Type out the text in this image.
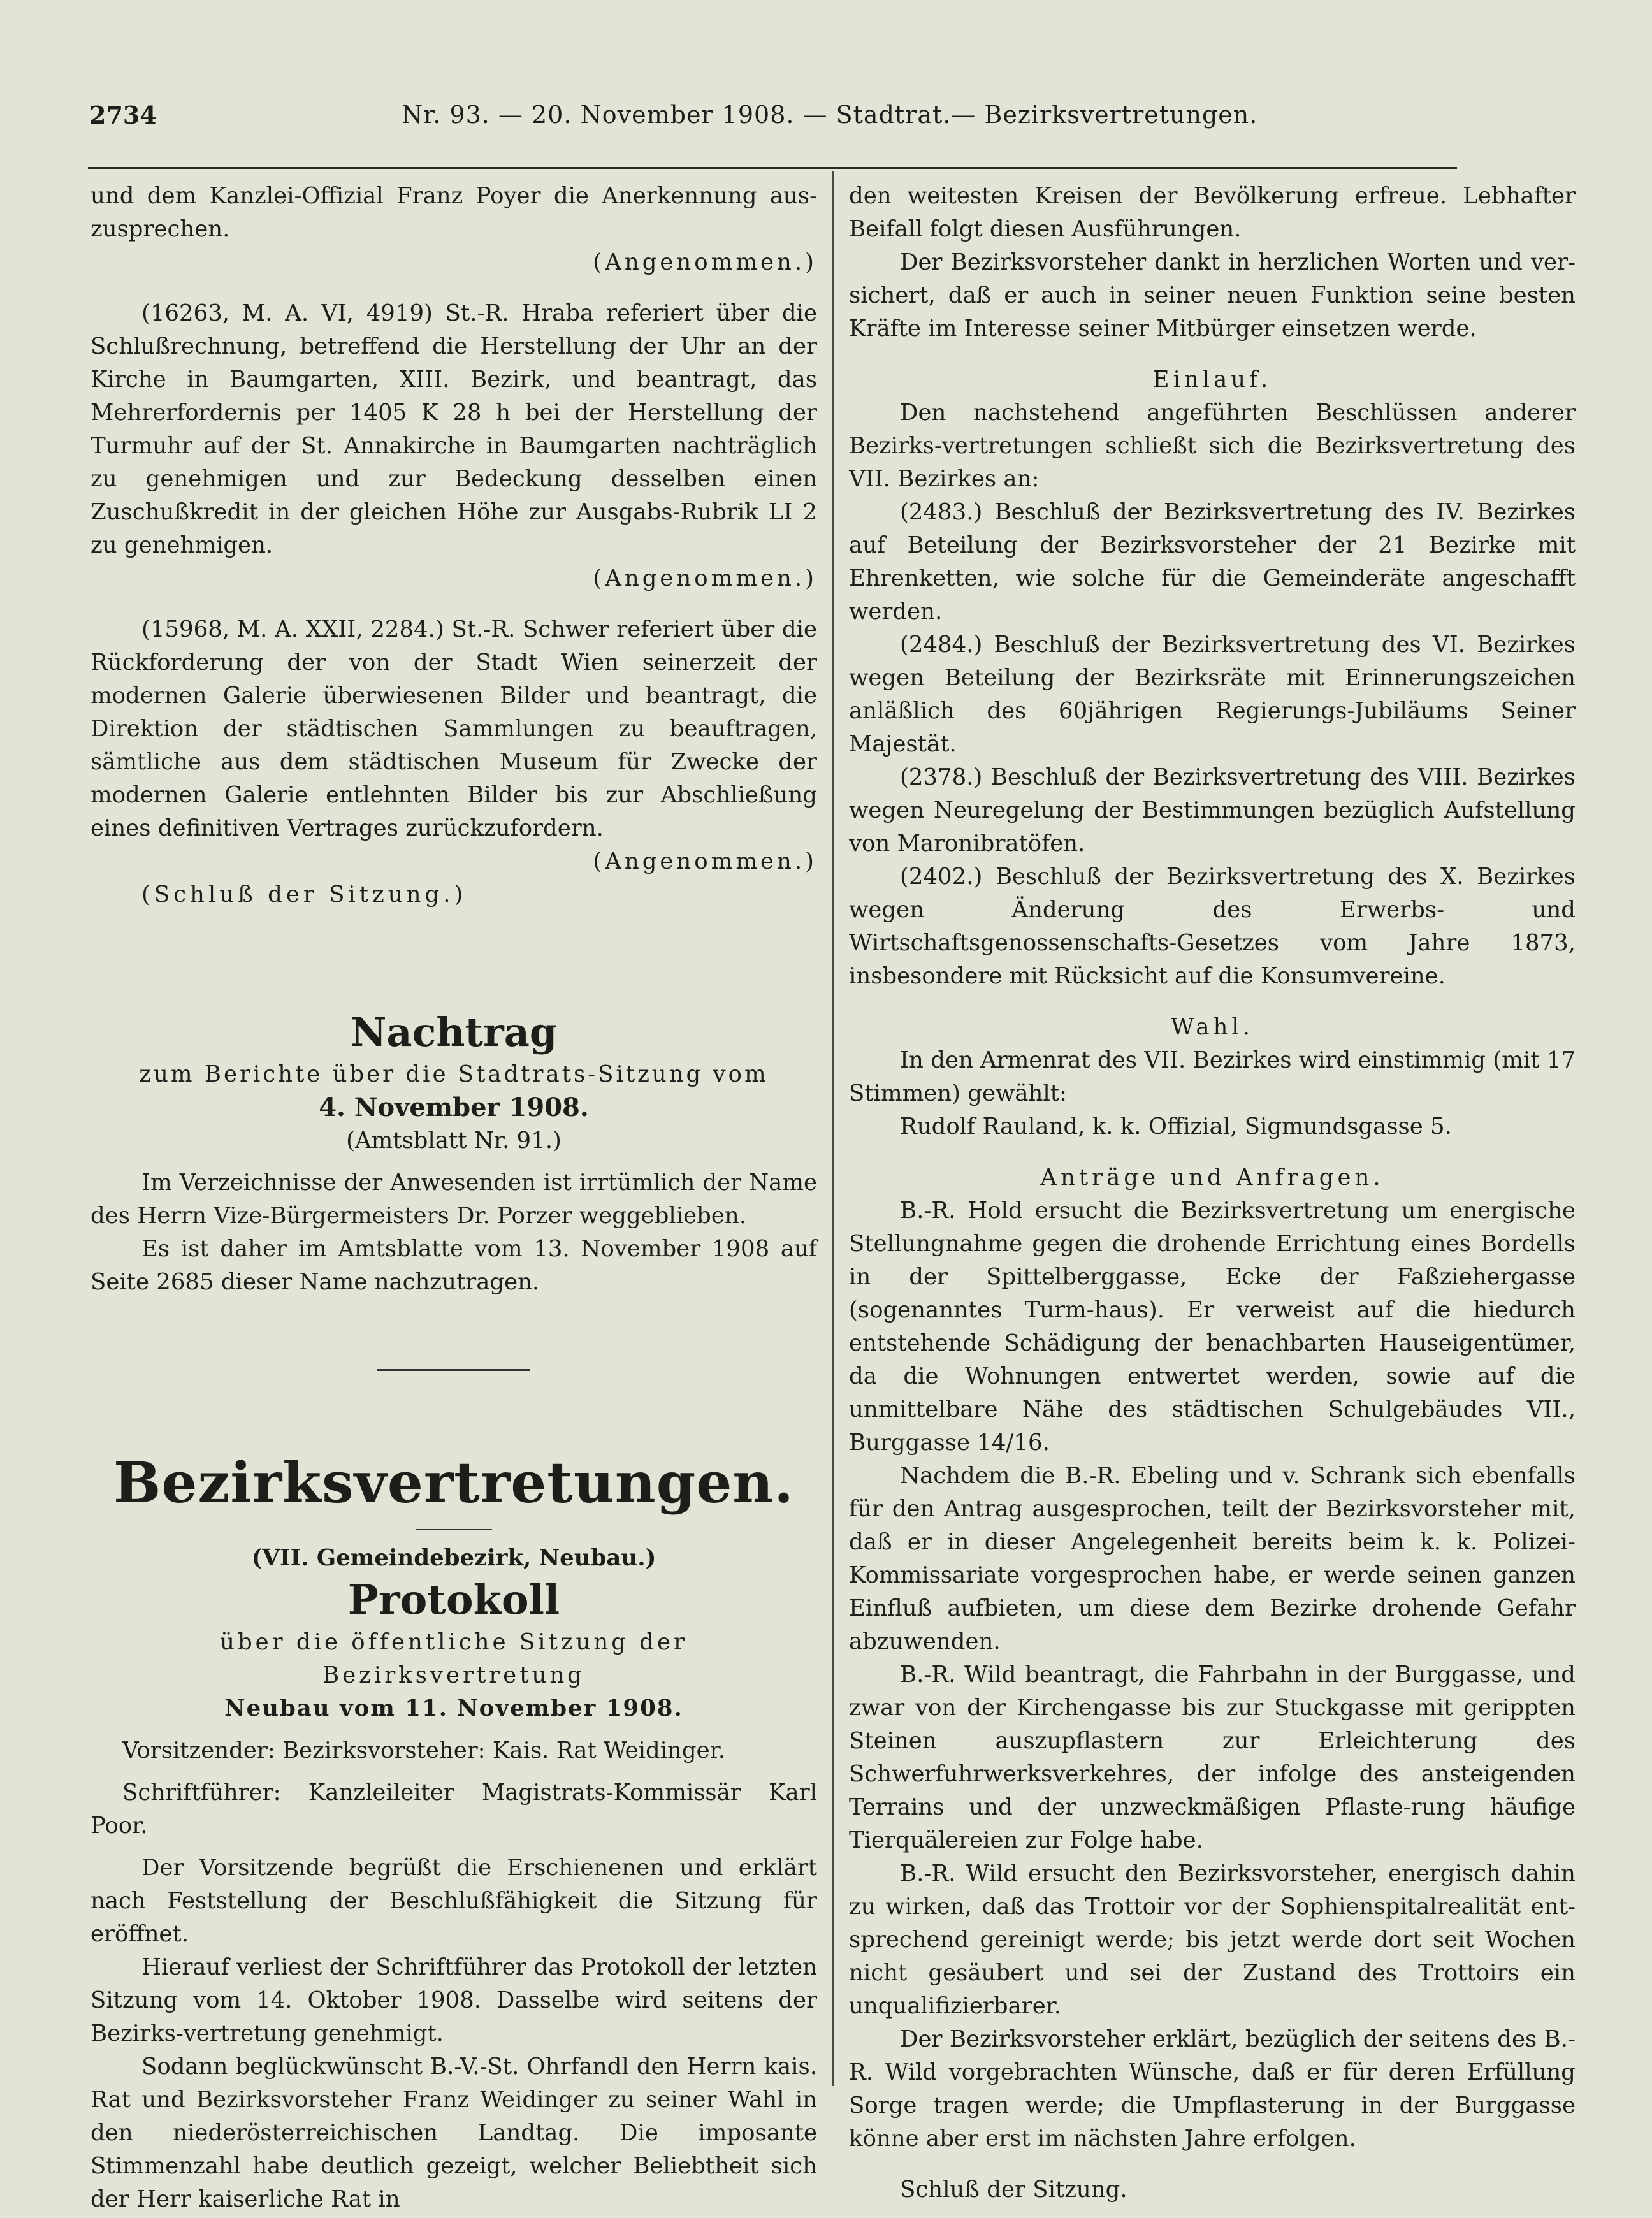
2734	Nr. 93. — 20. November 1908. — Stadtrat.— Bezirksvertretungen.

und dem Kanzlei-Offizial Franz Poyer die Anerkennung aus-zusprechen.

(Angenommen.)

(16263, M. A. VI, 4919) St.-R. Hraba referiert über die Schlußrechnung, betreffend die Herstellung der Uhr an der Kirche in Baumgarten, XIII. Bezirk, und beantragt, das Mehrerfordernis per 1405 K 28 h bei der Herstellung der Turmuhr auf der St. Annakirche in Baumgarten nachträglich zu genehmigen und zur Bedeckung desselben einen Zuschußkredit in der gleichen Höhe zur Ausgabs-Rubrik LI 2 zu genehmigen.

(Angenommen.)

(15968, M. A. XXII, 2284.) St.-R. Schwer referiert über die Rückforderung der von der Stadt Wien seinerzeit der modernen Galerie überwiesenen Bilder und beantragt, die Direktion der städtischen Sammlungen zu beauftragen, sämtliche aus dem städtischen Museum für Zwecke der modernen Galerie entlehnten Bilder bis zur Abschließung eines definitiven Vertrages zurückzufordern.

(Angenommen.)

(Schluß der Sitzung.)

Nachtrag

zum Berichte über die Stadtrats-Sitzung vom

4. November 1908.

(Amtsblatt Nr. 91.)

Im Verzeichnisse der Anwesenden ist irrtümlich der Name des Herrn Vize-Bürgermeisters Dr. Porzer weggeblieben.

Es ist daher im Amtsblatte vom 13. November 1908 auf Seite 2685 dieser Name nachzutragen.

Bezirksvertretungen.

(VII. Gemeindebezirk, Neubau.)

Protokoll

über die öffentliche Sitzung der Bezirksvertretung

Neubau vom 11. November 1908.

Vorsitzender: Bezirksvorsteher: Kais. Rat Weidinger.

Schriftführer: Kanzleileiter Magistrats-Kommissär Karl Poor.

Der Vorsitzende begrüßt die Erschienenen und erklärt nach Feststellung der Beschlußfähigkeit die Sitzung für eröffnet.

Hierauf verliest der Schriftführer das Protokoll der letzten Sitzung vom 14. Oktober 1908. Dasselbe wird seitens der Bezirks-vertretung genehmigt.

Sodann beglückwünscht B.-V.-St. Ohrfandl den Herrn kais. Rat und Bezirksvorsteher Franz Weidinger zu seiner Wahl in den niederösterreichischen Landtag. Die imposante Stimmenzahl habe deutlich gezeigt, welcher Beliebtheit sich der Herr kaiserliche Rat in

den weitesten Kreisen der Bevölkerung erfreue. Lebhafter Beifall folgt diesen Ausführungen.

Der Bezirksvorsteher dankt in herzlichen Worten und ver-sichert, daß er auch in seiner neuen Funktion seine besten Kräfte im Interesse seiner Mitbürger einsetzen werde.

Einlauf.

Den nachstehend angeführten Beschlüssen anderer Bezirks-vertretungen schließt sich die Bezirksvertretung des VII. Bezirkes an:

(2483.) Beschluß der Bezirksvertretung des IV. Bezirkes auf Beteilung der Bezirksvorsteher der 21 Bezirke mit Ehrenketten, wie solche für die Gemeinderäte angeschafft werden.

(2484.) Beschluß der Bezirksvertretung des VI. Bezirkes wegen Beteilung der Bezirksräte mit Erinnerungszeichen anläßlich des 60jährigen Regierungs-Jubiläums Seiner Majestät.

(2378.) Beschluß der Bezirksvertretung des VIII. Bezirkes wegen Neuregelung der Bestimmungen bezüglich Aufstellung von Maronibratöfen.

(2402.) Beschluß der Bezirksvertretung des X. Bezirkes wegen Änderung des Erwerbs- und Wirtschaftsgenossenschafts-Gesetzes vom Jahre 1873, insbesondere mit Rücksicht auf die Konsumvereine.

Wahl.

In den Armenrat des VII. Bezirkes wird einstimmig (mit 17 Stimmen) gewählt:

Rudolf Rauland, k. k. Offizial, Sigmundsgasse 5.

Anträge und Anfragen.

B.-R. Hold ersucht die Bezirksvertretung um energische Stellungnahme gegen die drohende Errichtung eines Bordells in der Spittelberggasse, Ecke der Faßziehergasse (sogenanntes Turm-haus). Er verweist auf die hiedurch entstehende Schädigung der benachbarten Hauseigentümer, da die Wohnungen entwertet werden, sowie auf die unmittelbare Nähe des städtischen Schulgebäudes VII., Burggasse 14/16.

Nachdem die B.-R. Ebeling und v. Schrank sich ebenfalls für den Antrag ausgesprochen, teilt der Bezirksvorsteher mit, daß er in dieser Angelegenheit bereits beim k. k. Polizei-Kommissariate vorgesprochen habe, er werde seinen ganzen Einfluß aufbieten, um diese dem Bezirke drohende Gefahr abzuwenden.

B.-R. Wild beantragt, die Fahrbahn in der Burggasse, und zwar von der Kirchengasse bis zur Stuckgasse mit gerippten Steinen auszupflastern zur Erleichterung des Schwerfuhrwerksverkehres, der infolge des ansteigenden Terrains und der unzweckmäßigen Pflaste-rung häufige Tierquälereien zur Folge habe.

B.-R. Wild ersucht den Bezirksvorsteher, energisch dahin zu wirken, daß das Trottoir vor der Sophienspitalrealität ent-sprechend gereinigt werde; bis jetzt werde dort seit Wochen nicht gesäubert und sei der Zustand des Trottoirs ein unqualifizierbarer.

Der Bezirksvorsteher erklärt, bezüglich der seitens des B.-R. Wild vorgebrachten Wünsche, daß er für deren Erfüllung Sorge tragen werde; die Umpflasterung in der Burggasse könne aber erst im nächsten Jahre erfolgen.

Schluß der Sitzung.
